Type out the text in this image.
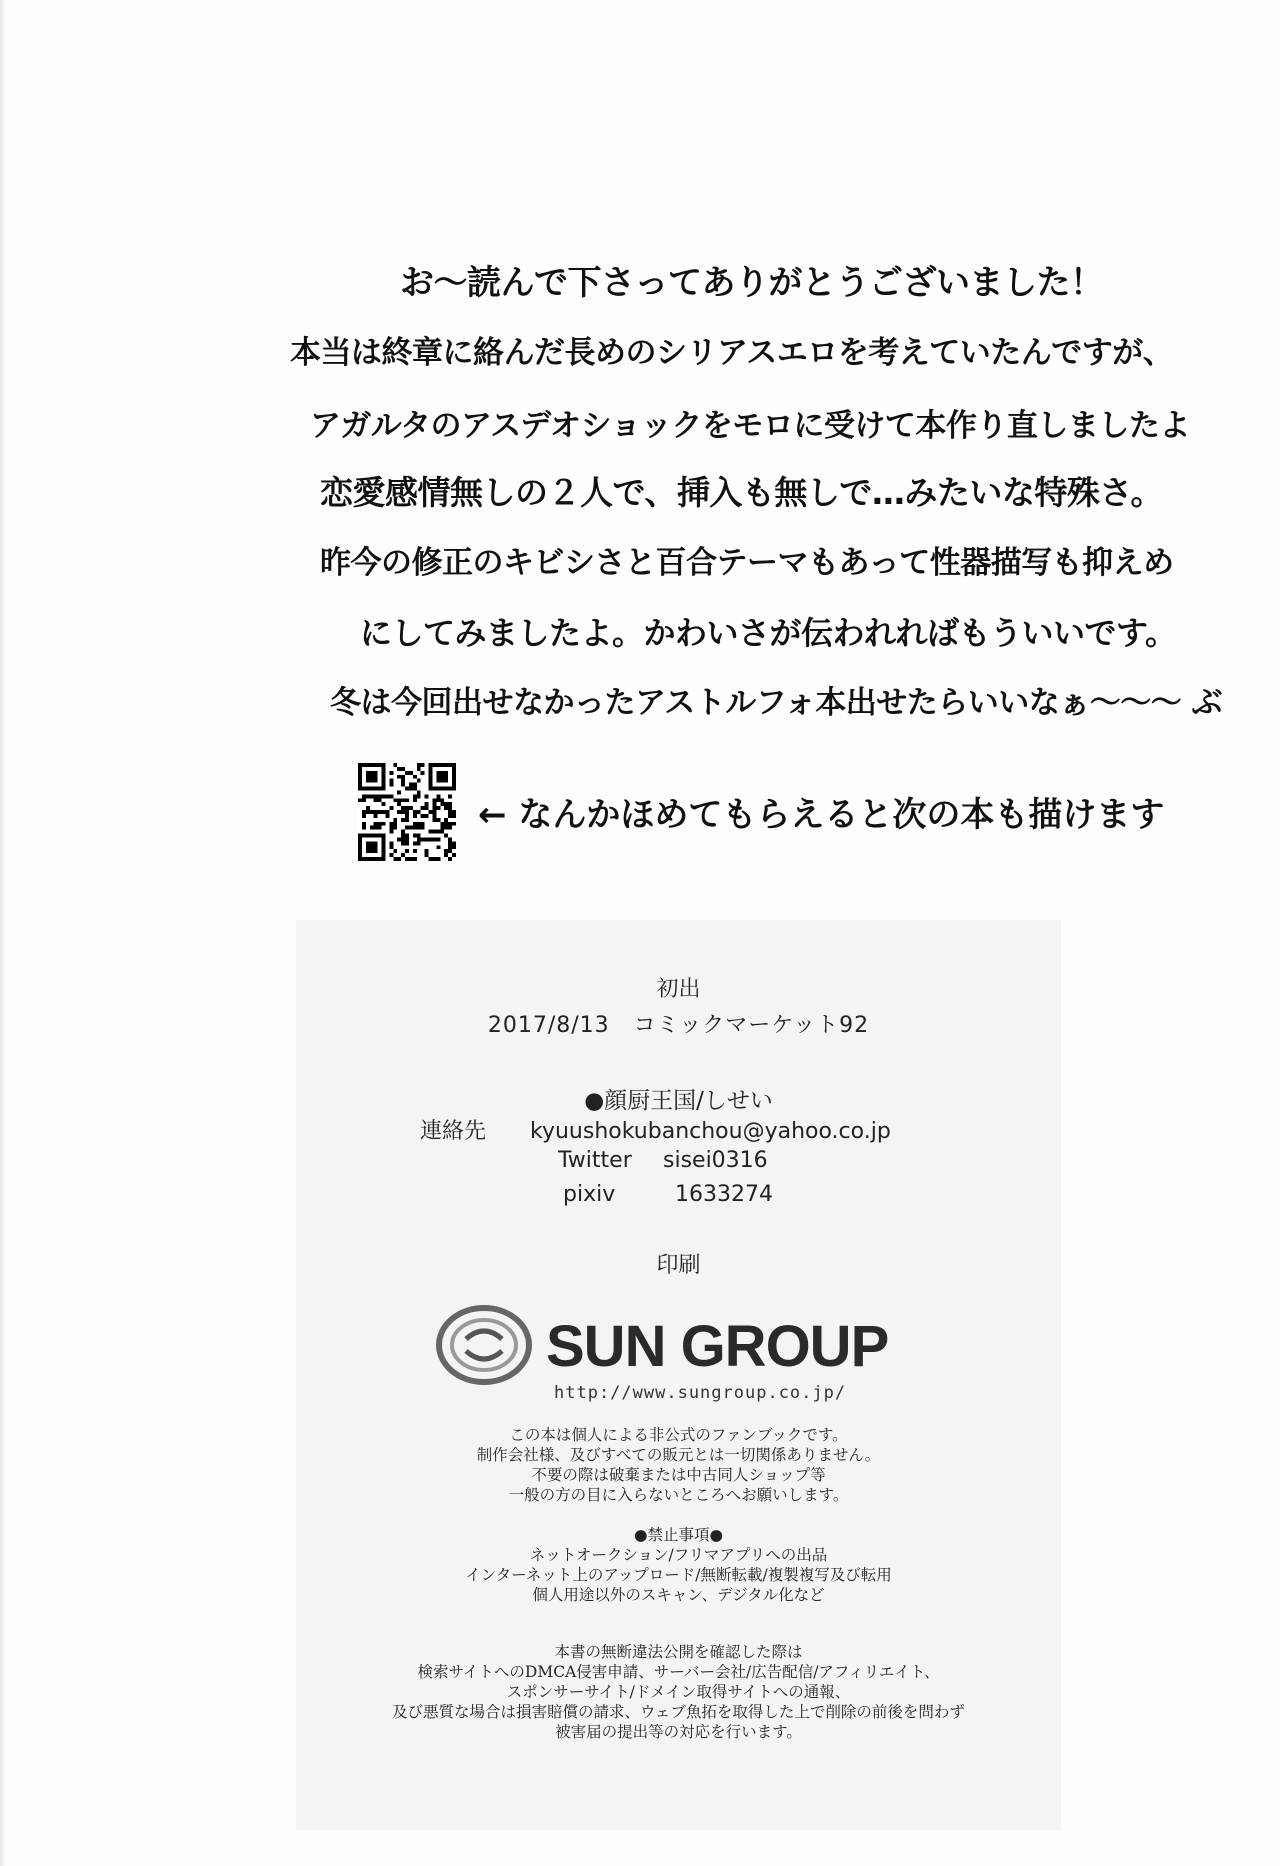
お〜読んで下さってありがとうございました！
本当は終章に絡んだ長めのシリアスエロを考えていたんですが、
アガルタのアスデオショックをモロに受けて本作り直しましたよ
恋愛感情無しの２人で、挿入も無しで…みたいな特殊さ。
昨今の修正のキビシさと百合テーマもあって性器描写も抑えめ
にしてみましたよ。かわいさが伝われればもういいです。
冬は今回出せなかったアストルフォ本出せたらいいなぁ〜〜〜 ぶ
← なんかほめてもらえると次の本も描けます
初出
2017/8/13 コミックマーケット92
●顔厨王国/しせい
連絡先 kyuushokubanchou@yahoo.co.jp
Twitter sisei0316
pixiv	1633274
印刷
SUN GROUP
http://www.sungroup.co.jp/
この本は個人による非公式のファンブックです。
制作会社様、及びすべての販元とは一切関係ありません。
不要の際は破棄または中古同人ショップ等
一般の方の目に入らないところへお願いします。
●禁止事項●
ネットオークション/フリマアプリへの出品
インターネット上のアップロード/無断転載/複製複写及び転用
個人用途以外のスキャン、デジタル化など
本書の無断違法公開を確認した際は
検索サイトへのDMCA侵害申請、サーバー会社/広告配信/アフィリエイト、
スポンサーサイト/ドメイン取得サイトへの通報、
及び悪質な場合は損害賠償の請求、ウェブ魚拓を取得した上で削除の前後を問わず
被害届の提出等の対応を行います。
